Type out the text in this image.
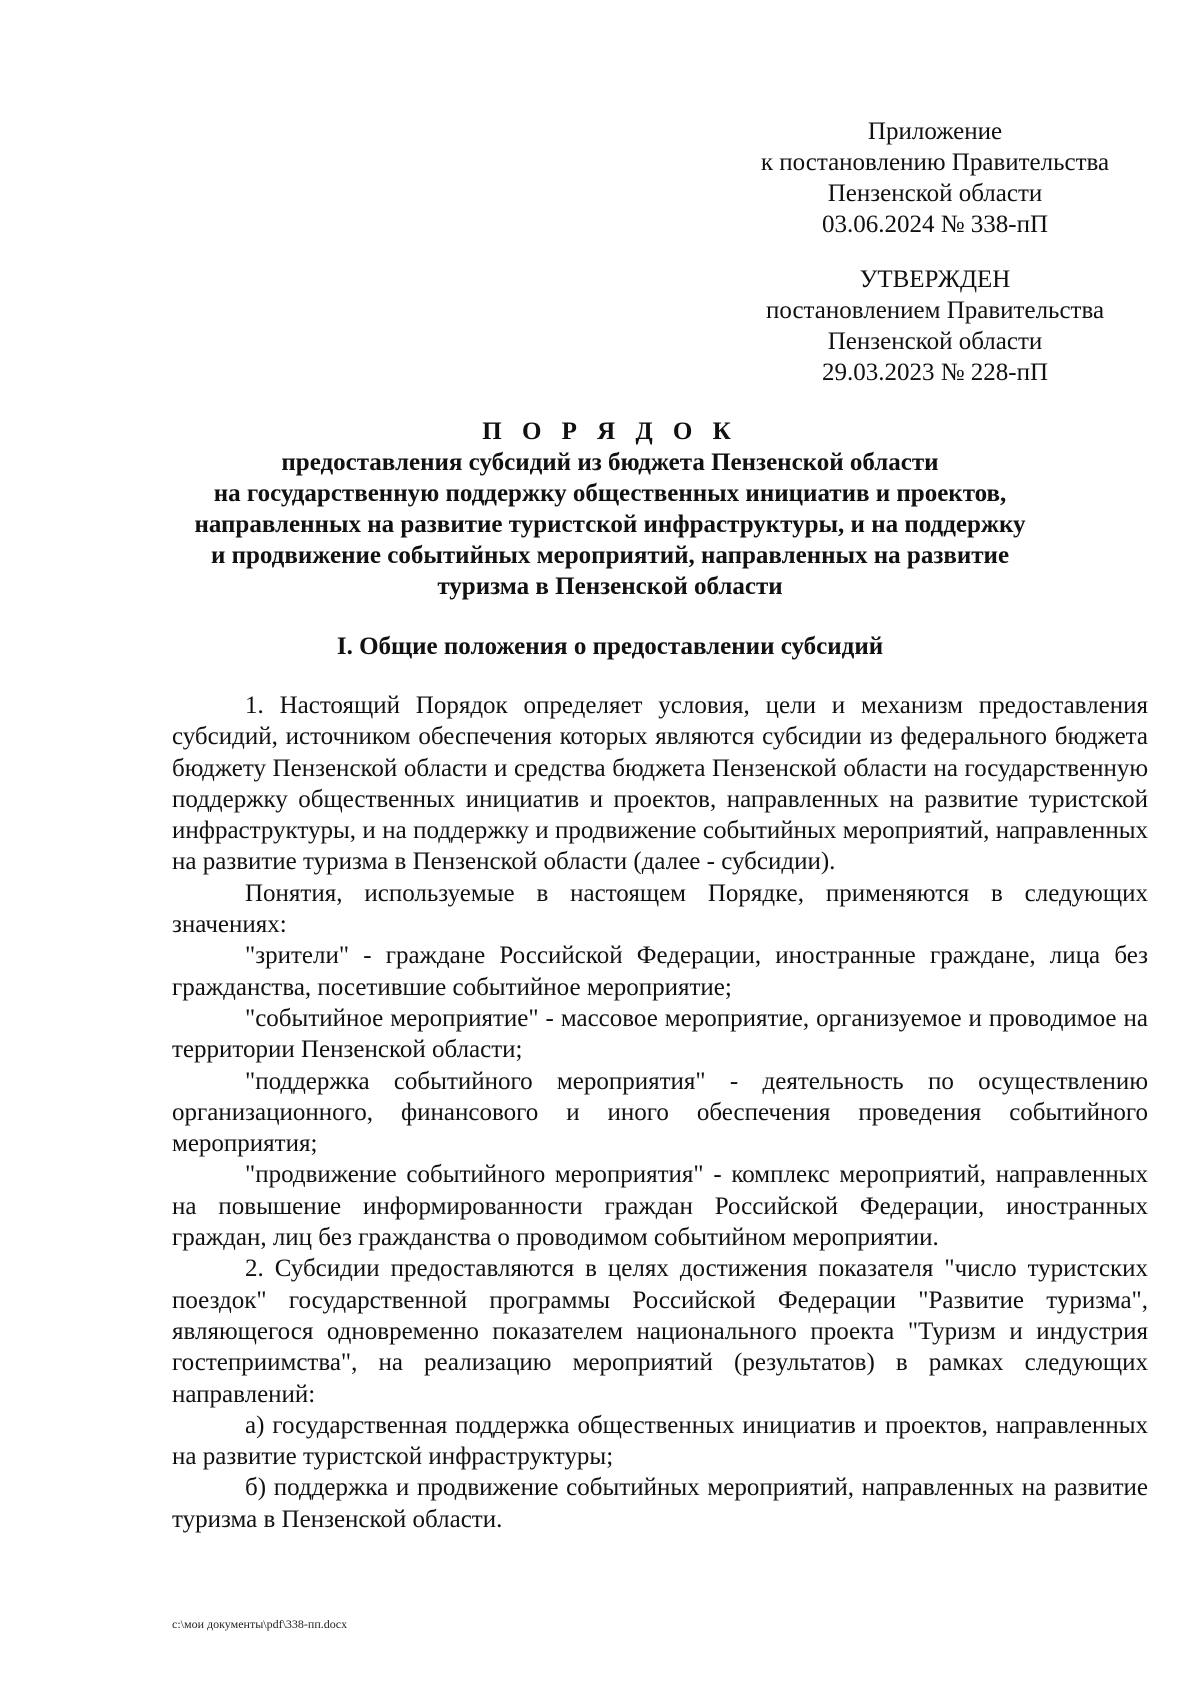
Приложение
к постановлению Правительства
Пензенской области
03.06.2024 № 338-пП
УТВЕРЖДЕН
постановлением Правительства
Пензенской области
29.03.2023 № 228-пП
П О Р Я Д О К
предоставления субсидий из бюджета Пензенской области
на государственную поддержку общественных инициатив и проектов,
направленных на развитие туристской инфраструктуры, и на поддержку
и продвижение событийных мероприятий, направленных на развитие
туризма в Пензенской области
I. Общие положения о предоставлении субсидий

1. Настоящий Порядок определяет условия, цели и механизм предоставления субсидий, источником обеспечения которых являются субсидии из федерального бюджета бюджету Пензенской области и средства бюджета Пензенской области на государственную поддержку общественных инициатив и проектов, направленных на развитие туристской инфраструктуры, и на поддержку и продвижение событийных мероприятий, направленных на развитие туризма в Пензенской области (далее - субсидии).

Понятия, используемые в настоящем Порядке, применяются в следующих значениях:

"зрители" - граждане Российской Федерации, иностранные граждане, лица без гражданства, посетившие событийное мероприятие;

"событийное мероприятие" - массовое мероприятие, организуемое и проводимое на территории Пензенской области;

"поддержка событийного мероприятия" - деятельность по осуществлению организационного, финансового и иного обеспечения проведения событийного мероприятия;

"продвижение событийного мероприятия" - комплекс мероприятий, направленных на повышение информированности граждан Российской Федерации, иностранных граждан, лиц без гражданства о проводимом событийном мероприятии.

2. Субсидии предоставляются в целях достижения показателя "число туристских поездок" государственной программы Российской Федерации "Развитие туризма", являющегося одновременно показателем национального проекта "Туризм и индустрия гостеприимства", на реализацию мероприятий (результатов) в рамках следующих направлений:

а) государственная поддержка общественных инициатив и проектов, направленных на развитие туристской инфраструктуры;

б) поддержка и продвижение событийных мероприятий, направленных на развитие туризма в Пензенской области.

c:\мои документы\pdf\338-пп.docx
